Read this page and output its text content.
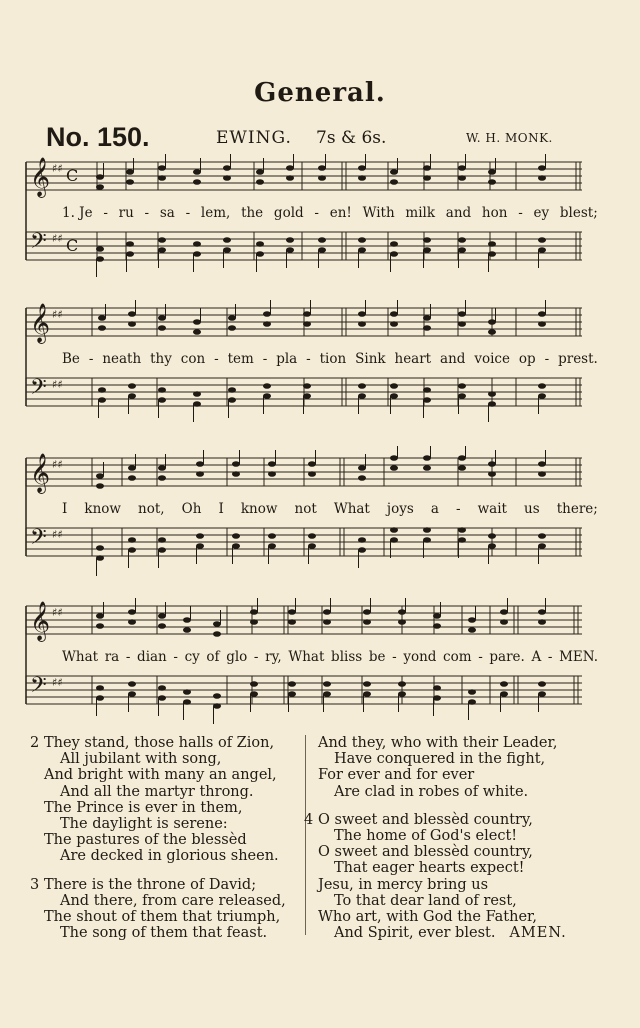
General.
No. 150.	EWING. 7s & 6s.	W. H. MONK.
𝄞 ♯♯ C
𝄢 ♯♯ C
1. Je - ru - sa - lem, the gold - en! With milk and hon - ey blest;
𝄞 ♯♯
𝄢 ♯♯
Be - neath thy con - tem - pla - tion Sink heart and voice op - prest.
𝄞 ♯♯
𝄢 ♯♯
I know not, Oh I know not What joys a - wait us there;
𝄞 ♯♯
𝄢 ♯♯
What ra - dian - cy of glo - ry, What bliss be - yond com - pare. A - MEN.
2 They stand, those halls of Zion,
All jubilant with song,
And bright with many an angel,
And all the martyr throng.
The Prince is ever in them,
The daylight is serene:
The pastures of the blessèd
Are decked in glorious sheen.
3 There is the throne of David;
And there, from care released,
The shout of them that triumph,
The song of them that feast.
And they, who with their Leader,
Have conquered in the fight,
For ever and for ever
Are clad in robes of white.
4 O sweet and blessèd country,
The home of God's elect!
O sweet and blessèd country,
That eager hearts expect!
Jesu, in mercy bring us
To that dear land of rest,
Who art, with God the Father,
And Spirit, ever blest. AMEN.
